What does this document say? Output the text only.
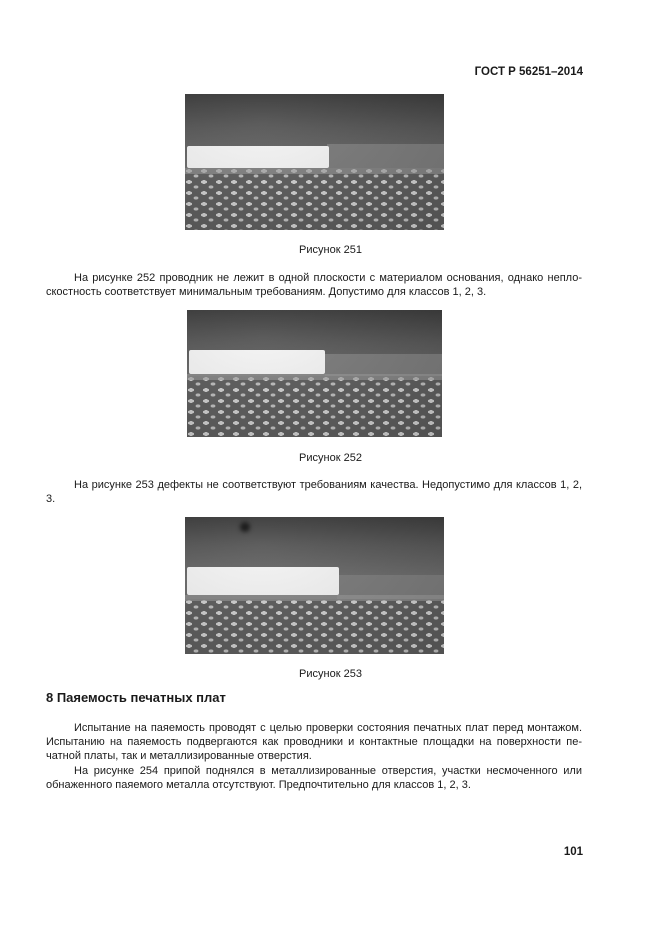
ГОСТ Р 56251–2014
Рисунок 251

На рисунке 252 проводник не лежит в одной плоскости с материалом основания, однако неплоскостность соответствует минимальным требованиям. Допустимо для классов 1, 2, 3.

Рисунок 252

На рисунке 253 дефекты не соответствуют требованиям качества. Недопустимо для классов 1, 2, 3.

Рисунок 253
8 Паяемость печатных плат

Испытание на паяемость проводят с целью проверки состояния печатных плат перед монтажом. Испытанию на паяемость подвергаются как проводники и контактные площадки на поверхности печатной платы, так и металлизированные отверстия.

На рисунке 254 припой поднялся в металлизированные отверстия, участки несмоченного или обнаженного паяемого металла отсутствуют. Предпочтительно для классов 1, 2, 3.

101
